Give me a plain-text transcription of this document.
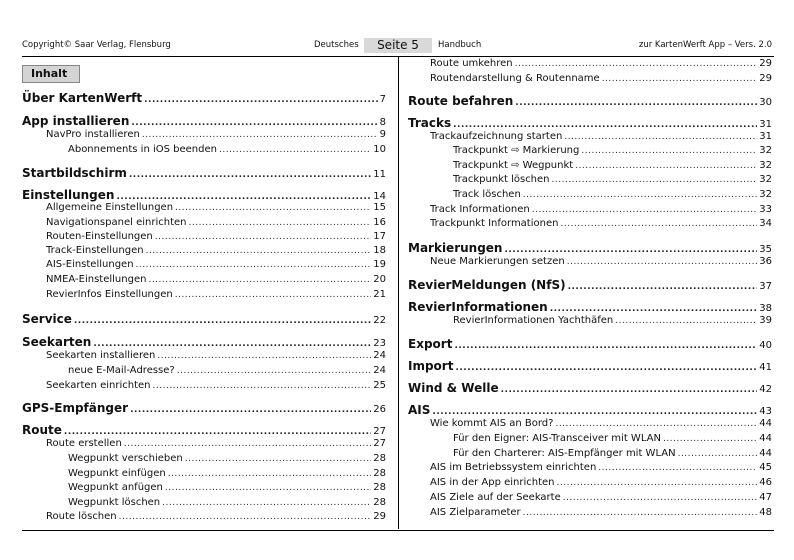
Copyright© Saar Verlag, Flensburg	Deutsches	Seite 5	Handbuch	zur KartenWerft App – Vers. 2.0
Inhalt
Über KartenWerft .....	7
App installieren .....	8
NavPro installieren .....	9
Abonnements in iOS beenden .....	10
Startbildschirm .....	11
Einstellungen .....	14
Allgemeine Einstellungen .....	15
Navigationspanel einrichten .....	16
Routen-Einstellungen .....	17
Track-Einstellungen .....	18
AIS-Einstellungen .....	19
NMEA-Einstellungen .....	20
RevierInfos Einstellungen .....	21
Service .....	22
Seekarten .....	23
Seekarten installieren .....	24
neue E-Mail-Adresse? .....	24
Seekarten einrichten .....	25
GPS-Empfänger .....	26
Route .....	27
Route erstellen .....	27
Wegpunkt verschieben .....	28
Wegpunkt einfügen .....	28
Wegpunkt anfügen .....	28
Wegpunkt löschen .....	28
Route löschen .....	29
Route umkehren .....	29
Routendarstellung & Routenname .....	29
Route befahren .....	30
Tracks .....	31
Trackaufzeichnung starten .....	31
Trackpunkt ⇨ Markierung .....	32
Trackpunkt ⇨ Wegpunkt .....	32
Trackpunkt löschen .....	32
Track löschen .....	32
Track Informationen .....	33
Trackpunkt Informationen .....	34
Markierungen .....	35
Neue Markierungen setzen .....	36
RevierMeldungen (NfS) .....	37
RevierInformationen .....	38
RevierInformationen Yachthäfen .....	39
Export .....	40
Import .....	41
Wind & Welle .....	42
AIS .....	43
Wie kommt AIS an Bord? .....	44
Für den Eigner: AIS-Transceiver mit WLAN .....	44
Für den Charterer: AIS-Empfänger mit WLAN .....	44
AIS im Betriebssystem einrichten .....	45
AIS in der App einrichten .....	46
AIS Ziele auf der Seekarte .....	47
AIS Zielparameter .....	48
